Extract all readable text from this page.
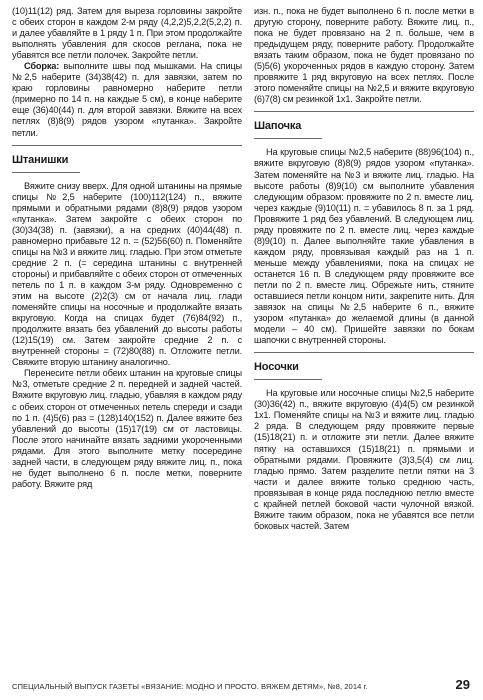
(10)11(12) ряд. Затем для выреза горловины закройте с обеих сторон в каждом 2-м ряду (4,2,2)5,2,2(5,2,2) п. и далее убавляйте в 1 ряду 1 п. При этом продолжайте выполнять убавления для скосов реглана, пока не убавятся все петли полочек. Закройте петли.

Сборка: выполните швы под мышками. На спицы №2,5 наберите (34)38(42) п. для завязки, затем по краю горловины равномерно наберите петли (примерно по 14 п. на каждые 5 см), в конце наберите еще (36)40(44) п. для второй завязки. Вяжите на всех петлях (8)8(9) рядов узором «путанка». Закройте петли.

Штанишки

Вяжите снизу вверх. Для одной штанины на прямые спицы №2,5 наберите (100)112(124) п., вяжите прямыми и обратными рядами (8)8(9) рядов узором «путанка». Затем закройте с обеих сторон по (30)34(38) п. (завязки), а на средних (40)44(48) п. равномерно прибавьте 12 п. = (52)56(60) п. Поменяйте спицы на №3 и вяжите лиц. гладью. При этом отметьте средние 2 п. (= середина штанины с внутренней стороны) и прибавляйте с обеих сторон от отмеченных петель по 1 п. в каждом 3-м ряду. Одновременно с этим на высоте (2)2(3) см от начала лиц. глади поменяйте спицы на носочные и продолжайте вязать вкруговую. Когда на спицах будет (76)84(92) п., продолжите вязать без убавлений до высоты работы (12)15(19) см. Затем закройте средние 2 п. с внутренней стороны = (72)80(88) п. Отложите петли. Свяжите вторую штанину аналогично.

Перенесите петли обеих штанин на круговые спицы №3, отметьте средние 2 п. передней и задней частей. Вяжите вкруговую лиц. гладью, убавляя в каждом ряду с обеих сторон от отмеченных петель спереди и сзади по 1 п. (4)5(6) раз = (128)140(152) п. Далее вяжите без убавлений до высоты (15)17(19) см от ластовицы. После этого начинайте вязать задними укороченными рядами. Для этого выполните метку посередине задней части, в следующем ряду вяжите лиц. п., пока не будет выполнено 6 п. после метки, поверните работу. Вяжите ряд

изн. п., пока не будет выполнено 6 п. после метки в другую сторону, поверните работу. Вяжите лиц. п., пока не будет провязано на 2 п. больше, чем в предыдущем ряду, поверните работу. Продолжайте вязать таким образом, пока не будет провязано по (5)5(6) укороченных рядов в каждую сторону. Затем провяжите 1 ряд вкруговую на всех петлях. После этого поменяйте спицы на №2,5 и вяжите вкруговую (6)7(8) см резинкой 1x1. Закройте петли.

Шапочка

На круговые спицы №2,5 наберите (88)96(104) п., вяжите вкруговую (8)8(9) рядов узором «путанка». Затем поменяйте на №3 и вяжите лиц. гладью. На высоте работы (8)9(10) см выполните убавления следующим образом: провяжите по 2 п. вместе лиц. через каждые (9)10(11) п. = убавилось 8 п. за 1 ряд. Провяжите 1 ряд без убавлений. В следующем лиц. ряду провяжите по 2 п. вместе лиц. через каждые (8)9(10) п. Далее выполняйте такие убавления в каждом ряду, провязывая каждый раз на 1 п. меньше между убавлениями, пока на спицах не останется 16 п. В следующем ряду провяжите все петли по 2 п. вместе лиц. Обрежьте нить, стяните оставшиеся петли концом нити, закрепите нить. Для завязок на спицы №2,5 наберите 6 п., вяжите узором «путанка» до желаемой длины (в данной модели – 40 см). Пришейте завязки по бокам шапочки с внутренней стороны.

Носочки

На круговые или носочные спицы №2,5 наберите (30)36(42) п., вяжите вкруговую (4)4(5) см резинкой 1x1. Поменяйте спицы на №3 и вяжите лиц. гладью 2 ряда. В следующем ряду провяжите первые (15)18(21) п. и отложите эти петли. Далее вяжите пятку на оставшихся (15)18(21) п. прямыми и обратными рядами. Провяжите (3)3,5(4) см лиц. гладью прямо. Затем разделите петли пятки на 3 части и далее вяжите только среднюю часть, провязывая в конце ряда последнюю петлю вместе с крайней петлей боковой части чулочной вязкой. Вяжите таким образом, пока не убавятся все петли боковых частей. Затем

СПЕЦИАЛЬНЫЙ ВЫПУСК ГАЗЕТЫ «ВЯЗАНИЕ: МОДНО И ПРОСТО. ВЯЖЕМ ДЕТЯМ», №8, 2014 г.	29
